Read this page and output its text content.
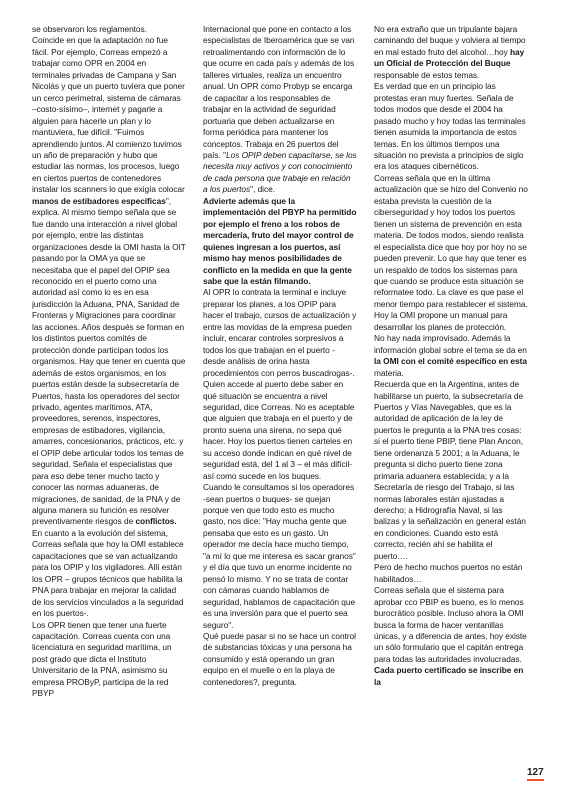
se observaron los reglamentos.

Coincide en que la adaptación no fue fácil. Por ejemplo, Correas empezó a trabajar como OPR en 2004 en terminales privadas de Campana y San Nicolás y que un puerto tuviera que poner un cerco perimetral, sistema de cámaras –costo-sísimo–, internet y pagarle a alguien para hacerle un plan y lo mantuviera, fue difícil. "Fuimos aprendiendo juntos. Al comienzo tuvimos un año de preparación y hubo que estudiar las normas, los procesos, luego en ciertos puertos de contenedores instalar los scanners lo que exigía colocar manos de estibadores específicas", explica. Al mismo tiempo señala que se fue dando una interacción a nivel global por ejemplo, entre las distintas organizaciones desde la OMI hasta la OIT pasando por la OMA ya que se necesitaba que el papel del OPIP sea reconocido en el puerto como una autoridad así como lo es en esa jurisdicción la Aduana, PNA, Sanidad de Fronteras y Migraciones para coordinar las acciones. Años después se forman en los distintos puertos comités de protección donde participan todos los organismos. Hay que tener en cuenta que además de estos organismos, en los puertos están desde la subsecretaría de Puertos, hasta los operadores del sector privado, agentes marítimos, ATA, proveedores, serenos, inspectores, empresas de estibadores, vigilancia, amarres, concesionarios, prácticos, etc. y el OPIP debe articular todos los temas de seguridad. Señala el especialistas que para eso debe tener mucho tacto y conocer las normas aduaneras, de migraciones, de sanidad, de la PNA y de alguna manera su función es resolver preventivamente riesgos de conflictos.

En cuanto a la evolución del sistema, Correas señala que hoy la OMI establece capacitaciones que se van actualizando para los OPIP y los vigiladores. Allí están los OPR – grupos técnicos que habilita la PNA para trabajar en mejorar la calidad de los servicios vinculados a la seguridad en los puertos-.

Los OPR tienen que tener una fuerte capacitación. Correas cuenta con una licenciatura en seguridad marítima, un post grado que dicta el Instituto Universitario de la PNA, asimismo su empresa PROByP, participa de la red PBYP

Internacional que pone en contacto a los especialistas de Iberoamérica que se van retroalimentando con información de lo que ocurre en cada país y además de los talleres virtuales, realiza un encuentro anual. Un OPR como Probyp se encarga de capacitar a los responsables de trabajar en la actividad de seguridad portuaria que deben actualizarse en forma periódica para mantener los conceptos. Trabaja en 26 puertos del país. "Los OPIP deben capacitarse, se los necesita muy activos y con conocimiento de cada persona que trabaje en relación a los puertos", dice.

Advierte además que la implementación del PBYP ha permitido por ejemplo el freno a los robos de mercadería, fruto del mayor control de quienes ingresan a los puertos, así mismo hay menos posibilidades de conflicto en la medida en que la gente sabe que la están filmando.

Al OPR lo contrata la terminal e incluye preparar los planes, a los OPIP para hacer el trabajo, cursos de actualización y entre las movidas de la empresa pueden incluir, encarar controles sorpresivos a todos los que trabajan en el puerto -desde análisis de orina hasta procedimientos con perros buscadrogas-. Quien accede al puerto debe saber en qué situación se encuentra a nivel seguridad, dice Correas. No es aceptable que alguien que trabaja en el puerto y de pronto suena una sirena, no sepa qué hacer. Hoy los puertos tienen carteles en su acceso donde indican en qué nivel de seguridad está, del 1 al 3 – el más difícil- así como sucede en los buques.

Cuando le consultamos si los operadores -sean puertos o buques- se quejan porque ven que todo esto es mucho gasto, nos dice: "Hay mucha gente que pensaba que esto es un gasto. Un operador me decía hace mucho tiempo, "a mí lo que me interesa es sacar granos" y el día que tuvo un enorme incidente no pensó lo mismo. Y no se trata de contar con cámaras cuando hablamos de seguridad, hablamos de capacitación que es una inversión para que el puerto sea seguro".

Qué puede pasar si no se hace un control de substancias tóxicas y una persona ha consumido y está operando un gran equipo en el muelle o en la playa de contenedores?, pregunta.

No era extraño que un tripulante bajara caminando del buque y volviera al tiempo en mal estado fruto del alcohol…hoy hay un Oficial de Protección del Buque responsable de estos temas.

Es verdad que en un principio las protestas eran muy fuertes. Señala de todos modos que desde el 2004 ha pasado mucho y hoy todas las terminales tienen asumida la importancia de estos temas. En los últimos tiempos una situación no prevista a principios de siglo era los ataques cibernéticos.

Correas señala que en la última actualización que se hizo del Convenio no estaba prevista la cuestión de la ciberseguridad y hoy todos los puertos tienen un sistema de prevención en esta materia. De todos modos, siendo realista el especialista dice que hoy por hoy no se pueden prevenir. Lo que hay que tener es un respaldo de todos los sistemas para que cuando se produce esta situación se reformatee todo. La clave es que pase el menor tiempo para restablecer el sistema.

Hoy la OMI propone un manual para desarrollar los planes de protección.

No hay nada improvisado. Además la información global sobre el tema se da en la OMI con el comité específico en esta materia.

Recuerda que en la Argentina, antes de habilitarse un puerto, la subsecretaría de Puertos y Vías Navegables, que es la autoridad de aplicación de la ley de puertos le pregunta a la PNA tres cosas: si el puerto tiene PBIP, tiene Plan Ancon, tiene ordenanza 5 2001; a la Aduana, le pregunta si dicho puerto tiene zona primaria aduanera establecida; y a la Secretaría de riesgo del Trabajo, si las normas laborales están ajustadas a derecho; a Hidrografía Naval, si las balizas y la señalización en general están en condiciones. Cuando esto está correcto, recién ahí se habilita el puerto….

Pero de hecho muchos puertos no están habilitados…

Correas señala que el sistema para aprobar cco PBIP es bueno, es lo menos burocrático posible. Incluso ahora la OMI busca la forma de hacer ventanillas únicas, y a diferencia de antes, hoy existe un sólo formulario que el capitán entrega para todas las autoridades involucradas. Cada puerto certificado se inscribe en la

127
